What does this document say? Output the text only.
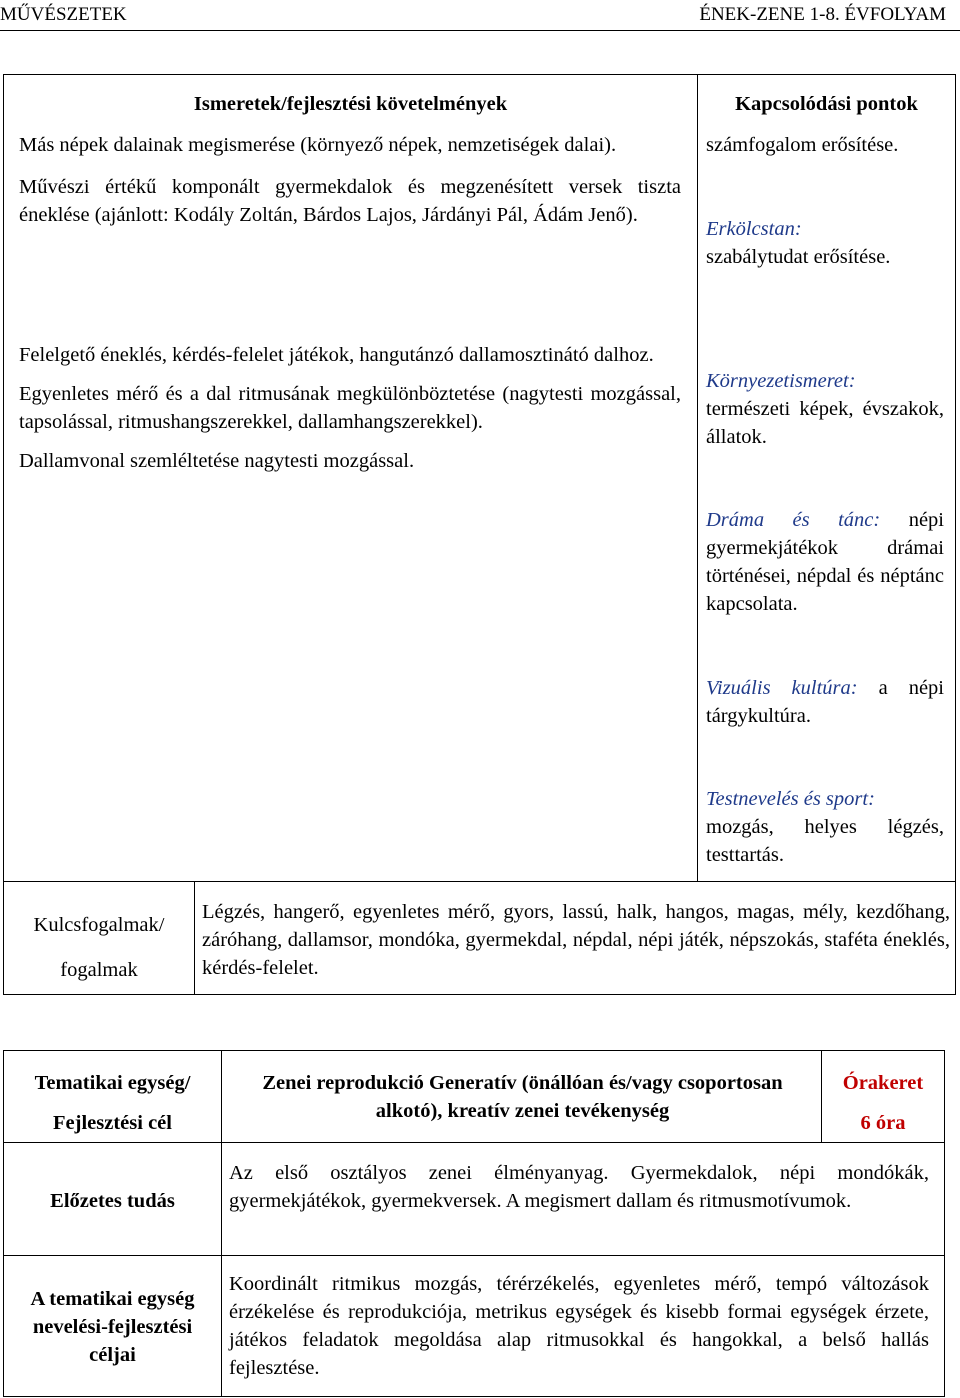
MŰVÉSZETEK	ÉNEK-ZENE 1-8. ÉVFOLYAM
Ismeretek/fejlesztési követelmények	Kapcsolódási pontok

Más népek dalainak megismerése (környező népek, nemzetiségek dalai).

Művészi értékű komponált gyermekdalok és megzenésített versek tiszta éneklése (ajánlott: Kodály Zoltán, Bárdos Lajos, Járdányi Pál, Ádám Jenő).

Felelgető éneklés, kérdés-felelet játékok, hangutánzó dallamosztinátó dalhoz.

Egyenletes mérő és a dal ritmusának megkülönböztetése (nagytesti mozgással, tapsolással, ritmushangszerekkel, dallamhangszerekkel).

Dallamvonal szemléltetése nagytesti mozgással.

számfogalom erősítése.
Erkölcstan:
szabálytudat erősítése.
Környezetismeret:
természeti képek, évszakok, állatok.
Dráma és tánc: népi gyermekjátékok drámai történései, népdal és néptánc kapcsolata.
Vizuális kultúra: a népi tárgykultúra.
Testnevelés és sport:
mozgás, helyes légzés, testtartás.
Kulcsfogalmak/
fogalmak
Légzés, hangerő, egyenletes mérő, gyors, lassú, halk, hangos, magas, mély, kezdőhang, záróhang, dallamsor, mondóka, gyermekdal, népdal, népi játék, népszokás, staféta éneklés, kérdés-felelet.
Tematikai egység/
Fejlesztési cél
Zenei reprodukció Generatív (önállóan és/vagy csoportosan alkotó), kreatív zenei tevékenység
Órakeret
6 óra
Előzetes tudás
Az első osztályos zenei élményanyag. Gyermekdalok, népi mondókák, gyermekjátékok, gyermekversek. A megismert dallam és ritmusmotívumok.
A tematikai egység
nevelési-fejlesztési
céljai
Koordinált ritmikus mozgás, térérzékelés, egyenletes mérő, tempó változások érzékelése és reprodukciója, metrikus egységek és kisebb formai egységek érzete, játékos feladatok megoldása alap ritmusokkal és hangokkal, a belső hallás fejlesztése.
